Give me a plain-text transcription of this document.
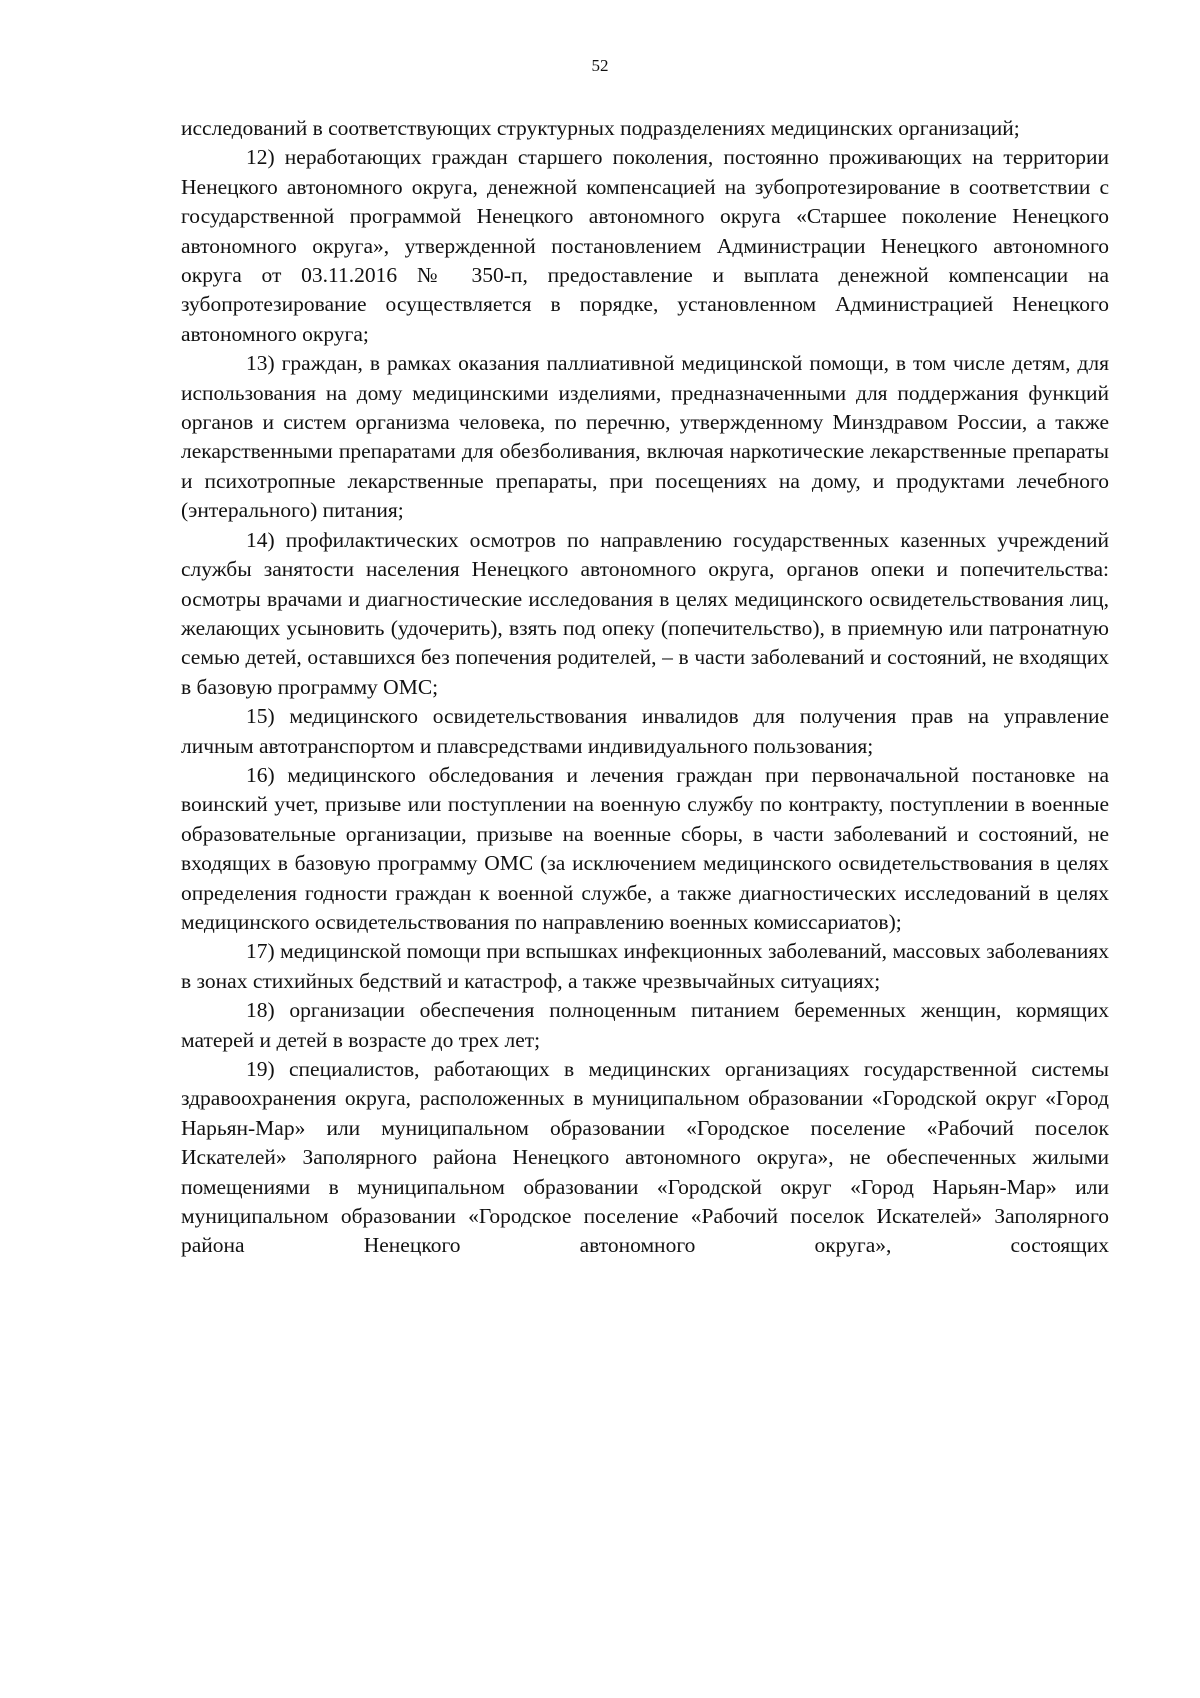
52

исследований в соответствующих структурных подразделениях медицинских организаций;

12) неработающих граждан старшего поколения, постоянно проживающих на территории Ненецкого автономного округа, денежной компенсацией на зубопротезирование в соответствии с государственной программой Ненецкого автономного округа «Старшее поколение Ненецкого автономного округа», утвержденной постановлением Администрации Ненецкого автономного округа от 03.11.2016 № 350-п, предоставление и выплата денежной компенсации на зубопротезирование осуществляется в порядке, установленном Администрацией Ненецкого автономного округа;

13) граждан, в рамках оказания паллиативной медицинской помощи, в том числе детям, для использования на дому медицинскими изделиями, предназначенными для поддержания функций органов и систем организма человека, по перечню, утвержденному Минздравом России, а также лекарственными препаратами для обезболивания, включая наркотические лекарственные препараты и психотропные лекарственные препараты, при посещениях на дому, и продуктами лечебного (энтерального) питания;

14) профилактических осмотров по направлению государственных казенных учреждений службы занятости населения Ненецкого автономного округа, органов опеки и попечительства: осмотры врачами и диагностические исследования в целях медицинского освидетельствования лиц, желающих усыновить (удочерить), взять под опеку (попечительство), в приемную или патронатную семью детей, оставшихся без попечения родителей, – в части заболеваний и состояний, не входящих в базовую программу ОМС;

15) медицинского освидетельствования инвалидов для получения прав на управление личным автотранспортом и плавсредствами индивидуального пользования;

16) медицинского обследования и лечения граждан при первоначальной постановке на воинский учет, призыве или поступлении на военную службу по контракту, поступлении в военные образовательные организации, призыве на военные сборы, в части заболеваний и состояний, не входящих в базовую программу ОМС (за исключением медицинского освидетельствования в целях определения годности граждан к военной службе, а также диагностических исследований в целях медицинского освидетельствования по направлению военных комиссариатов);

17) медицинской помощи при вспышках инфекционных заболеваний, массовых заболеваниях в зонах стихийных бедствий и катастроф, а также чрезвычайных ситуациях;

18) организации обеспечения полноценным питанием беременных женщин, кормящих матерей и детей в возрасте до трех лет;

19) специалистов, работающих в медицинских организациях государственной системы здравоохранения округа, расположенных в муниципальном образовании «Городской округ «Город Нарьян-Мар» или муниципальном образовании «Городское поселение «Рабочий поселок Искателей» Заполярного района Ненецкого автономного округа», не обеспеченных жилыми помещениями в муниципальном образовании «Городской округ «Город Нарьян-Мар» или муниципальном образовании «Городское поселение «Рабочий поселок Искателей» Заполярного района Ненецкого автономного округа», состоящих
